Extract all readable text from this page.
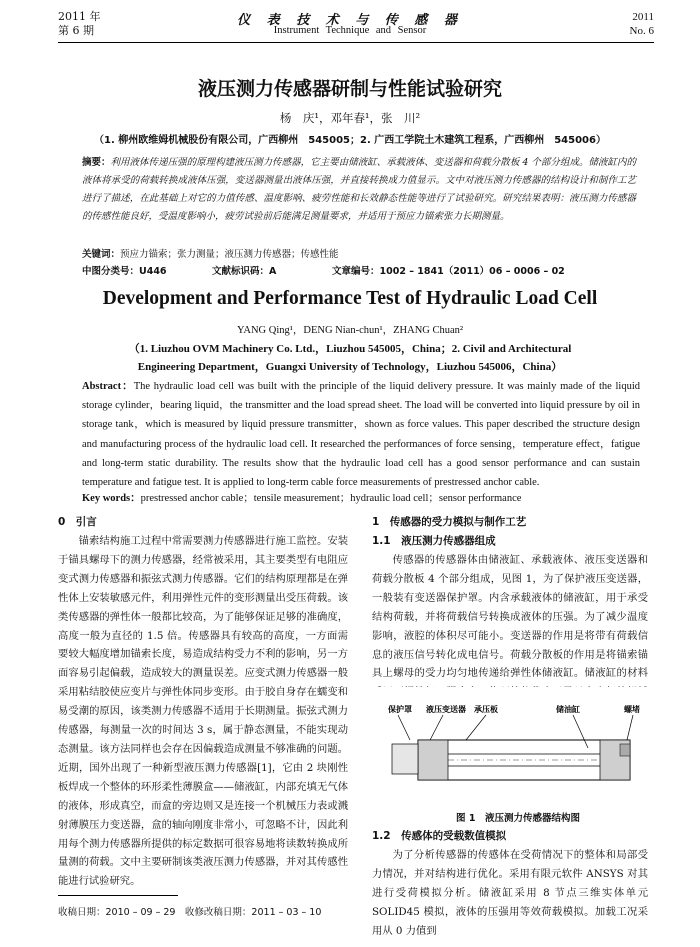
2011 年
第 6 期
仪 表 技 术 与 传 感 器
Instrument Technique and Sensor
2011
No. 6
液压测力传感器研制与性能试验研究
杨　庆¹，邓年春¹，张　川²
（1. 柳州欧维姆机械股份有限公司，广西柳州　545005；2. 广西工学院土木建筑工程系，广西柳州　545006）
摘要：利用液体传递压强的原理构建液压测力传感器，它主要由储液缸、承载液体、变送器和荷载分散板 4 个部分组成。储液缸内的液体将承受的荷载转换成液体压强，变送器测量出液体压强，并直接转换成力值显示。文中对液压测力传感器的结构设计和制作工艺进行了描述，在此基础上对它的力值传感、温度影响、疲劳性能和长效静态性能等进行了试验研究。研究结果表明：液压测力传感器的传感性能良好，受温度影响小，疲劳试验前后能满足测量要求，并适用于预应力锚索张力长期测量。
关键词：预应力锚索；张力测量；液压测力传感器；传感性能
中图分类号：U446	文献标识码：A	文章编号：1002 – 1841（2011）06 – 0006 – 02
Development and Performance Test of Hydraulic Load Cell
YANG Qing¹，DENG Nian-chun¹，ZHANG Chuan²
（1. Liuzhou OVM Machinery Co. Ltd.，Liuzhou 545005，China；2. Civil and Architectural
Engineering Department，Guangxi University of Technology，Liuzhou 545006，China）
Abstract：The hydraulic load cell was built with the principle of the liquid delivery pressure. It was mainly made of the liquid storage cylinder，bearing liquid，the transmitter and the load spread sheet. The load will be converted into liquid pressure by oil in storage tank，which is measured by liquid pressure transmitter，shown as force values. This paper described the structure design and manufacturing process of the hydraulic load cell. It researched the performances of force sensing，temperature effect，fatigue and long-term static durability. The results show that the hydraulic load cell has a good sensor performance and can sustain temperature and fatigue test. It is applied to long-term cable force measurements of prestressed anchor cable.
Key words：prestressed anchor cable；tensile measurement；hydraulic load cell；sensor performance
0　引言

锚索结构施工过程中常需要测力传感器进行施工监控。安装于锚具螺母下的测力传感器，经常被采用，其主要类型有电阻应变式测力传感器和振弦式测力传感器。它们的结构原理都是在弹性体上安装敏感元件，利用弹性元件的变形测量出受压荷载。该类传感器的弹性体一般都比较高，为了能够保证足够的准确度，高度一般为直径的 1.5 倍。传感器具有较高的高度，一方面需要较大幅度增加锚索长度，易造成结构受力不利的影响，另一方面容易引起偏载，造成较大的测量误差。应变式测力传感器一般采用粘结胶使应变片与弹性体同步变形。由于胶自身存在蠕变和易受潮的原因，该类测力传感器不适用于长期测量。振弦式测力传感器，每测量一次的时间达 3 s，属于静态测量，不能实现动态测量。该方法同样也会存在因偏载造成测量不够准确的问题。近期，国外出现了一种新型液压测力传感器[1]，它由 2 块刚性板焊成一个整体的环形柔性薄膜盒——储液缸，内部充填无气体的液体，形成真空，而盒的旁边则又是连接一个机械压力表或溅射薄膜压力变送器，盒的轴向刚度非常小，可忽略不计，因此利用每个测力传感器所提供的标定数据可很容易地将读数转换成所量测的荷载。文中主要研制该类液压测力传感器，并对其传感性能进行试验研究。

1　传感器的受力模拟与制作工艺
1.1　液压测力传感器组成

传感器的传感器体由储液缸、承载液体、液压变送器和荷载分散板 4 个部分组成，见图 1，为了保护液压变送器，一般装有变送器保护罩。内含承载液体的储液缸，用于承受结构荷载，并将荷载信号转换成液体的压强。为了减少温度影响，液腔的体积尽可能小。变送器的作用是将带有荷载信息的液压信号转化成电信号。荷载分散板的作用是将锚索锚具上螺母的受力均匀地传递给弹性体储液缸。储液缸的材料

保护罩 液压变送器 承压板	储油缸	螺堵
图 1　液压测力传感器结构图
1.2　传感体的受载数值模拟

为了分析传感器的传感体在受荷情况下的整体和局部受力情况，并对结构进行优化。采用有限元软件 ANSYS 对其进行受荷模拟分析。储液缸采用 8 节点三维实体单元 SOLID45 模拟，液体的压强用等效荷载模拟。加载工况采用从 0 力值到

收稿日期：2010 – 09 – 29　收修改稿日期：2011 – 03 – 10
